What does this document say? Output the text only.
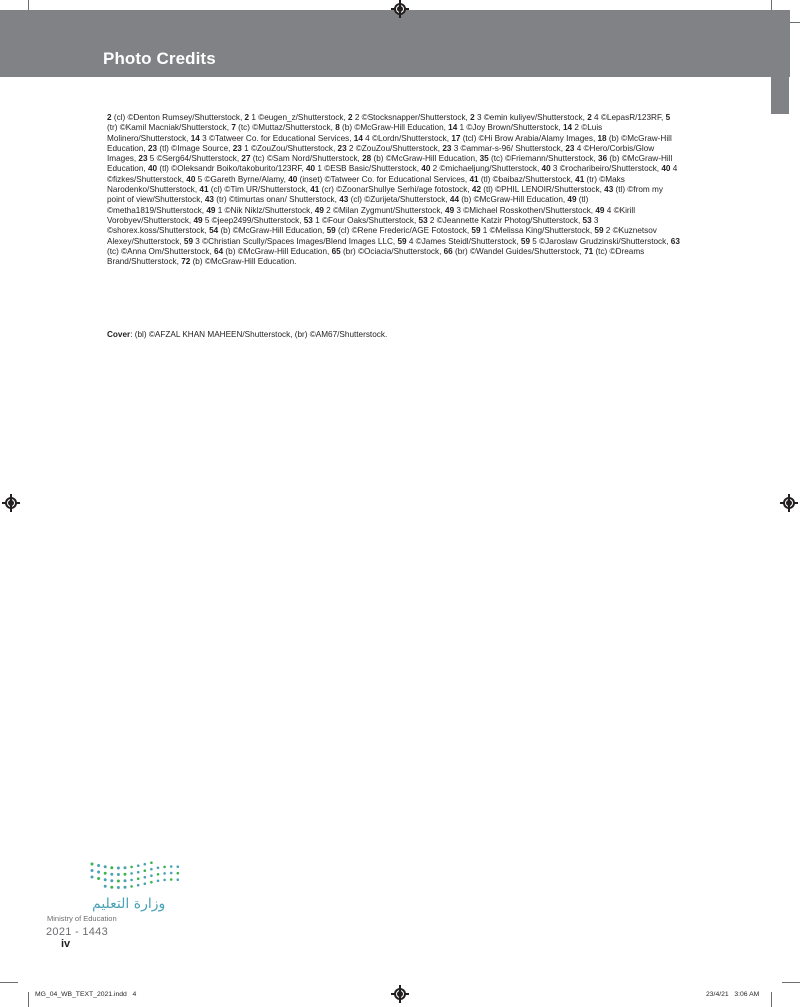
Photo Credits

2 (cl) ©Denton Rumsey/Shutterstock, 2 1 ©eugen_z/Shutterstock, 2 2 ©Stocksnapper/Shutterstock, 2 3 ©emin kuliyev/Shutterstock, 2 4 ©LepasR/123RF, 5 (tr) ©Kamil Macniak/Shutterstock, 7 (tc) ©Muttaz/Shutterstock, 8 (b) ©McGraw-Hill Education, 14 1 ©Joy Brown/Shutterstock, 14 2 ©Luis Molinero/Shutterstock, 14 3 ©Tatweer Co. for Educational Services, 14 4 ©Lordn/Shutterstock, 17 (tcl) ©Hi Brow Arabia/Alamy Images, 18 (b) ©McGraw-Hill Education, 23 (tl) ©Image Source, 23 1 ©ZouZou/Shutterstock, 23 2 ©ZouZou/Shutterstock, 23 3 ©ammar-s-96/ Shutterstock, 23 4 ©Hero/Corbis/Glow Images, 23 5 ©Serg64/Shutterstock, 27 (tc) ©Sam Nord/Shutterstock, 28 (b) ©McGraw-Hill Education, 35 (tc) ©Friemann/Shutterstock, 36 (b) ©McGraw-Hill Education, 40 (tl) ©Oleksandr Boiko/takoburito/123RF, 40 1 ©ESB Basic/Shutterstock, 40 2 ©michaeljung/Shutterstock, 40 3 ©rocharibeiro/Shutterstock, 40 4 ©fizkes/Shutterstock, 40 5 ©Gareth Byrne/Alamy, 40 (inset) ©Tatweer Co. for Educational Services, 41 (tl) ©baibaz/Shutterstock, 41 (tr) ©Maks Narodenko/Shutterstock, 41 (cl) ©Tim UR/Shutterstock, 41 (cr) ©ZoonarShullye Serhi/age fotostock, 42 (tl) ©PHIL LENOIR/Shutterstock, 43 (tl) ©from my point of view/Shutterstock, 43 (tr) ©timurtas onan/ Shutterstock, 43 (cl) ©Zurijeta/Shutterstock, 44 (b) ©McGraw-Hill Education, 49 (tl) ©metha1819/Shutterstock, 49 1 ©Nik Niklz/Shutterstock, 49 2 ©Milan Zygmunt/Shutterstock, 49 3 ©Michael Rosskothen/Shutterstock, 49 4 ©Kirill Vorobyev/Shutterstock, 49 5 ©jeep2499/Shutterstock, 53 1 ©Four Oaks/Shutterstock, 53 2 ©Jeannette Katzir Photog/Shutterstock, 53 3 ©shorex.koss/Shutterstock, 54 (b) ©McGraw-Hill Education, 59 (cl) ©Rene Frederic/AGE Fotostock, 59 1 ©Melissa King/Shutterstock, 59 2 ©Kuznetsov Alexey/Shutterstock, 59 3 ©Christian Scully/Spaces Images/Blend Images LLC, 59 4 ©James Steidl/Shutterstock, 59 5 ©Jaroslaw Grudzinski/Shutterstock, 63 (tc) ©Anna Om/Shutterstock, 64 (b) ©McGraw-Hill Education, 65 (br) ©Ociacia/Shutterstock, 66 (br) ©Wandel Guides/Shutterstock, 71 (tc) ©Dreams Brand/Shutterstock, 72 (b) ©McGraw-Hill Education.

Cover: (bl) ©AFZAL KHAN MAHEEN/Shutterstock, (br) ©AM67/Shutterstock.

وزارة التعليم
Ministry of Education
2021 - 1443
iv
MG_04_WB_TEXT_2021.indd   4	23/4/21   3:06 AM
